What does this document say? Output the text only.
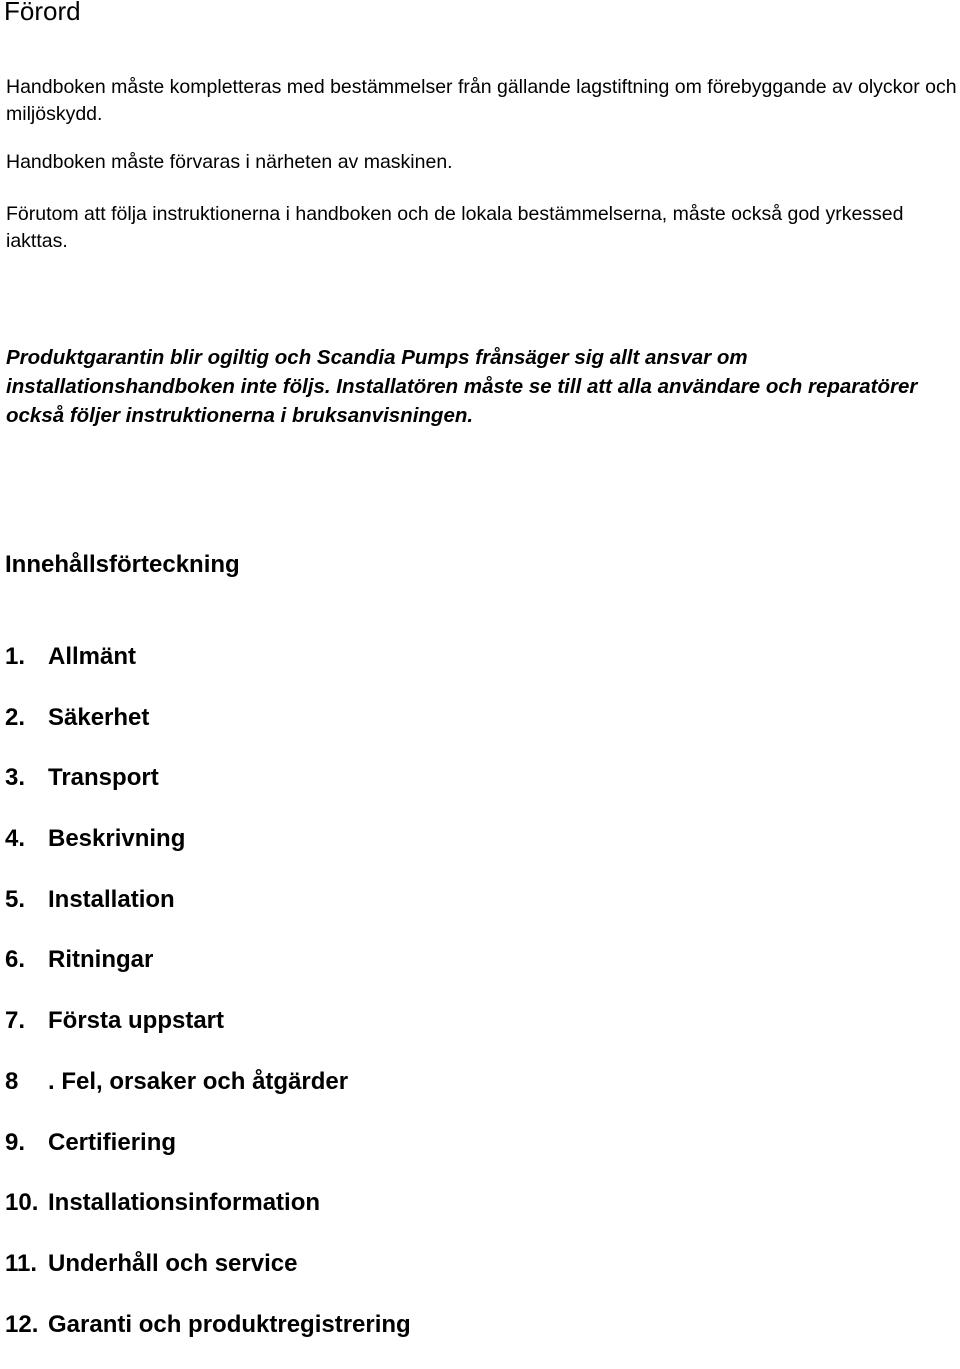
Förord

Handboken måste kompletteras med bestämmelser från gällande lagstiftning om förebyggande av olyckor och miljöskydd.

Handboken måste förvaras i närheten av maskinen.

Förutom att följa instruktionerna i handboken och de lokala bestämmelserna, måste också god yrkessed iakttas.

Produktgarantin blir ogiltig och Scandia Pumps frånsäger sig allt ansvar om installationshandboken inte följs. Installatören måste se till att alla användare och reparatörer också följer instruktionerna i bruksanvisningen.

Innehållsförteckning
1. Allmänt
2. Säkerhet
3. Transport
4. Beskrivning
5. Installation
6. Ritningar
7. Första uppstart
8 . Fel, orsaker och åtgärder
9. Certifiering
10. Installationsinformation
11. Underhåll och service
12. Garanti och produktregistrering
